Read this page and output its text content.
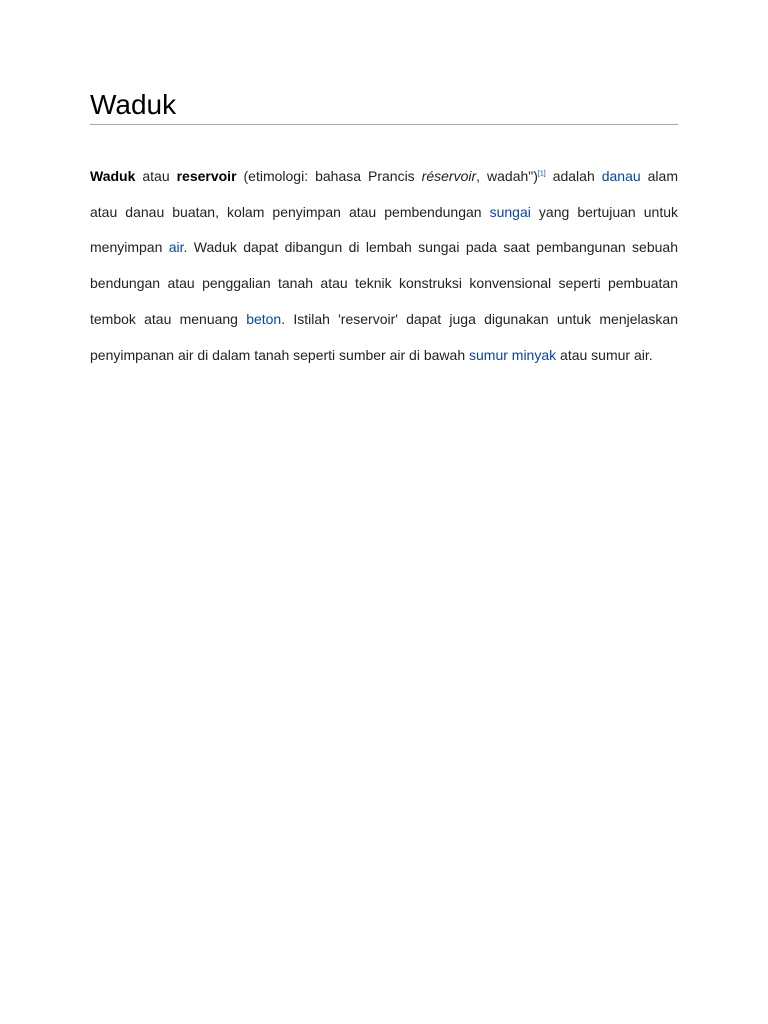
Waduk

Waduk atau reservoir (etimologi: bahasa Prancis réservoir, wadah")[1] adalah danau alam atau danau buatan, kolam penyimpan atau pembendungan sungai yang bertujuan untuk menyimpan air. Waduk dapat dibangun di lembah sungai pada saat pembangunan sebuah bendungan atau penggalian tanah atau teknik konstruksi konvensional seperti pembuatan tembok atau menuang beton. Istilah 'reservoir' dapat juga digunakan untuk menjelaskan penyimpanan air di dalam tanah seperti sumber air di bawah sumur minyak atau sumur air.
